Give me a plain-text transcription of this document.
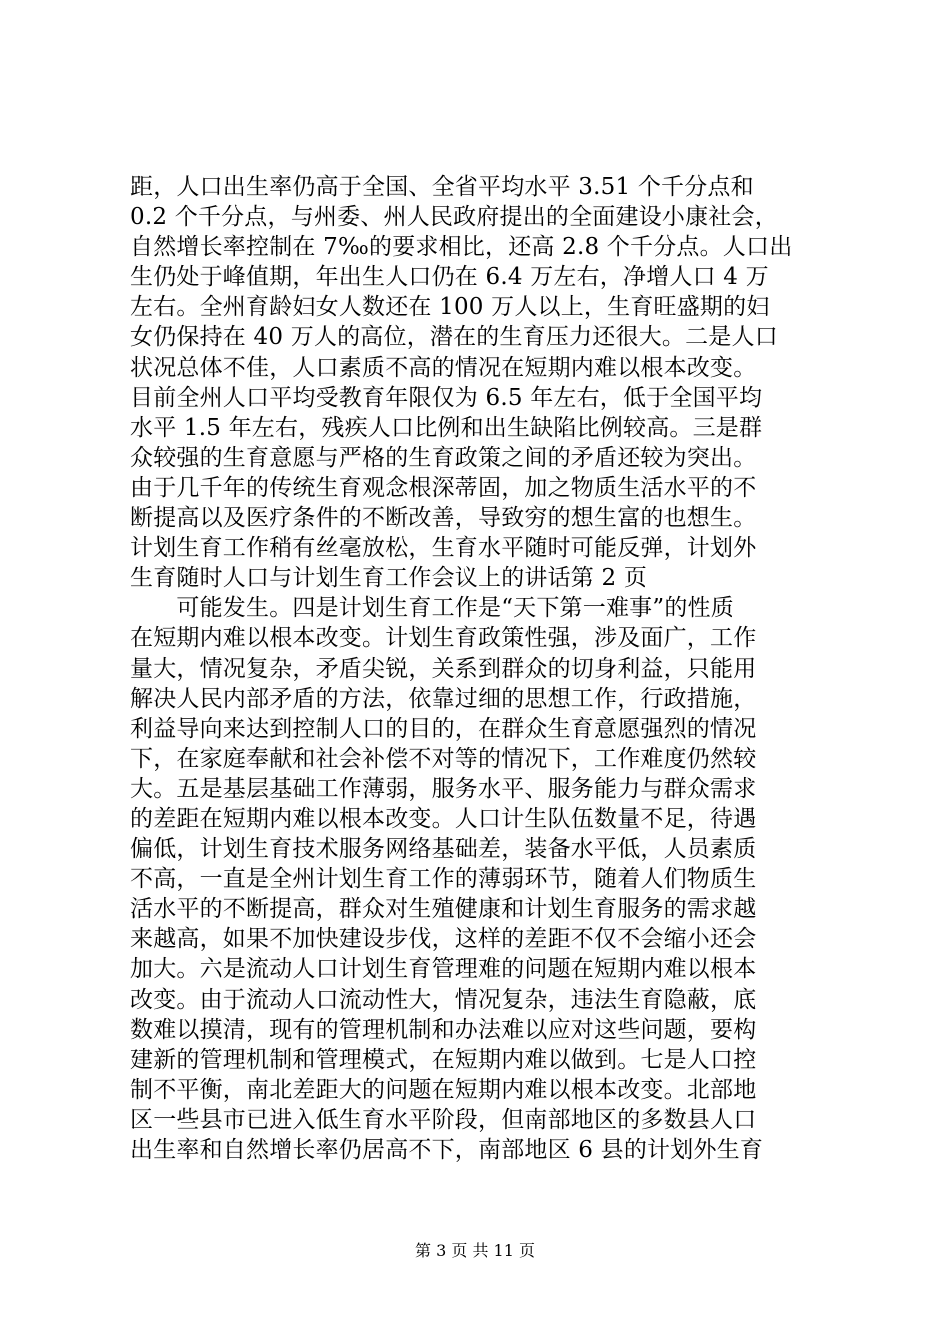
距，人口出生率仍高于全国、全省平均水平 3.51 个千分点和
0.2 个千分点，与州委、州人民政府提出的全面建设小康社会，
自然增长率控制在 7‰的要求相比，还高 2.8 个千分点。人口出
生仍处于峰值期，年出生人口仍在 6.4 万左右，净增人口 4 万
左右。全州育龄妇女人数还在 100 万人以上，生育旺盛期的妇
女仍保持在 40 万人的高位，潜在的生育压力还很大。二是人口
状况总体不佳，人口素质不高的情况在短期内难以根本改变。
目前全州人口平均受教育年限仅为 6.5 年左右，低于全国平均
水平 1.5 年左右，残疾人口比例和出生缺陷比例较高。三是群
众较强的生育意愿与严格的生育政策之间的矛盾还较为突出。
由于几千年的传统生育观念根深蒂固，加之物质生活水平的不
断提高以及医疗条件的不断改善，导致穷的想生富的也想生。
计划生育工作稍有丝毫放松，生育水平随时可能反弹，计划外
生育随时人口与计划生育工作会议上的讲话第 2 页
　　可能发生。四是计划生育工作是“天下第一难事”的性质
在短期内难以根本改变。计划生育政策性强，涉及面广，工作
量大，情况复杂，矛盾尖锐，关系到群众的切身利益，只能用
解决人民内部矛盾的方法，依靠过细的思想工作，行政措施，
利益导向来达到控制人口的目的，在群众生育意愿强烈的情况
下，在家庭奉献和社会补偿不对等的情况下，工作难度仍然较
大。五是基层基础工作薄弱，服务水平、服务能力与群众需求
的差距在短期内难以根本改变。人口计生队伍数量不足，待遇
偏低，计划生育技术服务网络基础差，装备水平低，人员素质
不高，一直是全州计划生育工作的薄弱环节，随着人们物质生
活水平的不断提高，群众对生殖健康和计划生育服务的需求越
来越高，如果不加快建设步伐，这样的差距不仅不会缩小还会
加大。六是流动人口计划生育管理难的问题在短期内难以根本
改变。由于流动人口流动性大，情况复杂，违法生育隐蔽，底
数难以摸清，现有的管理机制和办法难以应对这些问题，要构
建新的管理机制和管理模式，在短期内难以做到。七是人口控
制不平衡，南北差距大的问题在短期内难以根本改变。北部地
区一些县市已进入低生育水平阶段，但南部地区的多数县人口
出生率和自然增长率仍居高不下，南部地区 6 县的计划外生育
第 3 页 共 11 页
